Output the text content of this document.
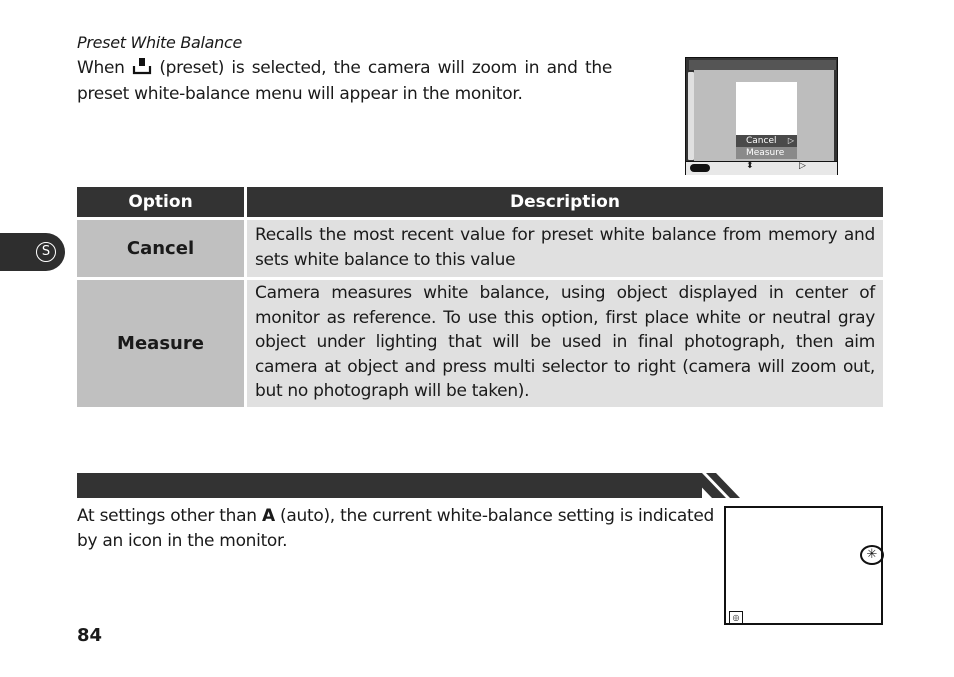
Preset White Balance
When (preset) is selected, the camera will zoom in and the preset white-balance menu will appear in the monitor.
Cancel ▷
Measure
⬍	▷
S
Option	Description
Cancel	Recalls the most recent value for preset white balance from memory and sets white balance to this value
Measure	Camera measures white balance, using object displayed in center of monitor as reference. To use this option, first place white or neutral gray object under lighting that will be used in final photograph, then aim camera at object and press multi selector to right (camera will zoom out, but no photograph will be taken).
At settings other than A (auto), the current white-balance setting is indicated by an icon in the monitor.
✳
◎
84
